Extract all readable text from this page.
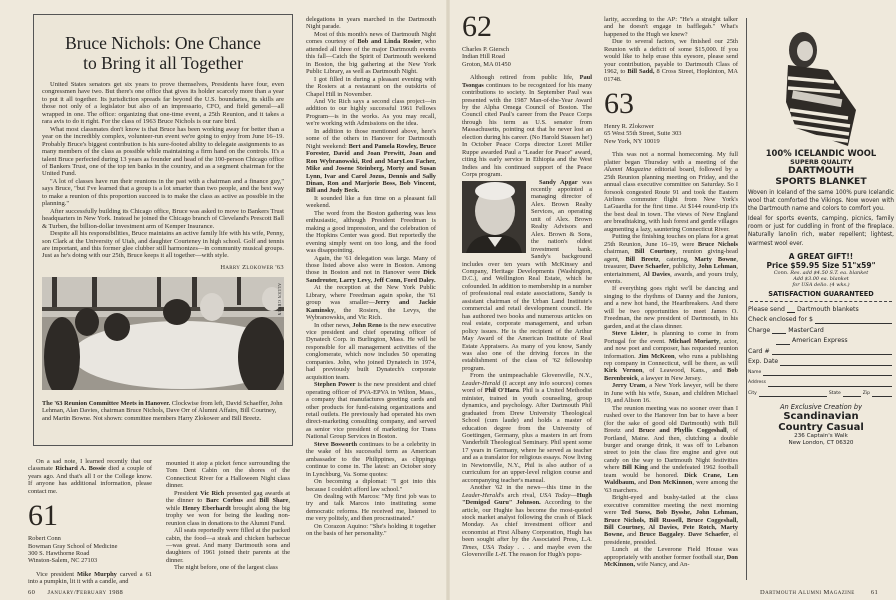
Bruce Nichols: One Chance
to Bring it all Together

United States senators get six years to prove themselves, Presidents have four, even congressmen have two. But there's one office that gives its holder scarcely more than a year to put it all together. Its jurisdiction spreads far beyond the U.S. boundaries, its skills are those not only of a legislator but also of an impressario, CFO, and field general—all wrapped in one. The office: organizing that one-time event, a 25th Reunion, and it takes a rara avis to do it right. For the class of 1963 Bruce Nichols is our rare bird.

What most classmates don't know is that Bruce has been working away for better than a year on the incredibly complex, volunteer-run event we're going to enjoy from June 16–19. Probably Bruce's biggest contribution is his sure-footed ability to delegate assignments to as many members of the class as possible while maintaining a firm hand on the controls. It's a talent Bruce perfected during 13 years as founder and head of the 100-person Chicago office of Bankers Trust, one of the top ten banks in the country, and as a segment chairman for the United Fund.

"A lot of classes have run their reunions in the past with a chairman and a finance guy," says Bruce, "but I've learned that a group is a lot smarter than two people, and the best way to make a reunion of this proportion succeed is to make the class as active as possible in the planning."

After successfully building its Chicago office, Bruce was asked to move to Bankers Trust headquarters in New York. Instead he joined the Chicago branch of Cleveland's Prescott Ball & Turben, the billion-dollar investment arm of Kemper Insurance.

Despite all his responsibilities, Bruce maintains an active family life with his wife, Penny, son Clark at the University of Utah, and daughter Courteney in high school. Golf and tennis are important, and this former glee clubber still harmonizes—in community musical groups. Just as he's doing with our 25th, Bruce keeps it all together—with style.

Harry Zlokower '63
ALLEN GREEN
The '63 Reunion Committee Meets in Hanover. Clockwise from left, David Schaeffer, John Lehman, Alan Davies, chairman Bruce Nichols, Dave Orr of Alumni Affairs, Bill Courtney, and Martin Bowne. Not shown: committee members Harry Zlokower and Bill Breetz.

On a sad note, I learned recently that our classmate Richard A. Bossie died a couple of years ago. And that's all I or the College know. If anyone has additional information, please contact me.

61
Robert Conn
Bowman Gray School of Medicine
300 S. Hawthorne Road
Winston-Salem, NC 27103

Vice president Mike Murphy carved a 61 into a pumpkin, lit it with a candle, and

mounted it atop a picket fence surrounding the Tom Dent Cabin on the shores of the Connecticut River for a Halloween Night class dinner.

President Vic Rich presented gag awards at the dinner to Barc Corbus and Bill Share, while Henry Eberhardt brought along the big trophy we won for being the leading non-reunion class in donations to the Alumni Fund.

All seats reportedly were filled at the packed cabin, the food—a steak and chicken barbecue—was great. And many Dartmouth sons and daughters of 1961 joined their parents at the dinner.

The night before, one of the largest class

delegations in years marched in the Dartmouth Night parade.

Most of this month's news of Dartmouth Night comes courtesy of Bob and Linda Rosier, who attended all three of the major Dartmouth events this fall—Catch the Spirit of Dartmouth weekend in Boston, the big gathering at the New York Public Library, as well as Dartmouth Night.

I got filled in during a pleasant evening with the Rosiers at a restaurant on the outskirts of Chapel Hill in November.

And Vic Rich says a second class project—in addition to our highly successful 1961 Fellows Program—is in the works. As you may recall, we're working with Admissions on the idea.

In addition to those mentioned above, here's some of the others in Hanover for Dartmouth Night weekend: Bert and Pamela Rowley, Bruce Forester, David and Joan Prewitt, Joan and Ron Wybranowski, Red and MaryLou Facher, Mike and Josene Steinberg, Morty and Susan Lynn, Ivar and Carol Jozus, Dennis and Sally Dinan, Ron and Marjorie Boss, Bob Vincent, Bill and Judy Beck.

It sounded like a fun time on a pleasant fall weekend.

The word from the Boston gathering was less enthusiastic, although President Freedman is making a good impression, and the celebration of the Hopkins Center was good. But reportedly the evening simply went on too long, and the food was disappointing.

Again, the '61 delegation was large. Many of those listed above also were in Boston. Among those in Boston and not in Hanover were Dick Sandreuter, Larry Levy, Jeff Conn, Ford Daley.

At the reception at the New York Public Library, where Freedman again spoke, the '61 group was smaller—Jerry and Jackie Kaminsky, the Rosiers, the Levys, the Wybranowskis, and Vic Rich.

In other news, John Reno is the new executive vice president and chief operating officer of Dynatech Corp. in Burlington, Mass. He will be responsible for all management activities of the conglomerate, which now includes 50 operating companies. John, who joined Dynatech in 1974, had previously built Dynatech's corporate acquisition team.

Stephen Power is the new president and chief operating officer of PVA-EPVA in Wilton, Mass., a company that manufactures greeting cards and other products for fund-raising organizations and retail outlets. He previously had operated his own direct-marketing consulting company, and served as senior vice president of marketing for Trans National Group Services in Boston.

Steve Bosworth continues to be a celebrity in the wake of his successful term as American ambassador to the Philippines, as clippings continue to come in. The latest: an October story in Lynchburg, Va. Some quotes:

On becoming a diplomat: "I got into this because I couldn't afford law school."

On dealing with Marcos: "My first job was to try and talk Marcos into instituting some democratic reforms. He received me, listened to me very politely, and then procrastinated."

On Corazon Aquino: "She's holding it together on the basis of her personality."

60 January/February 1988
62
Charles P. Giersch
Indian Hill Road
Groton, MA 01450

Although retired from public life, Paul Tsongas continues to be recognized for his many contributions to society. In September Paul was presented with the 1987 Man-of-the-Year Award by the Alpha Omega Council of Boston. The Council cited Paul's career from the Peace Corps through his term as U.S. senator from Massachusetts, pointing out that he never lost an election during his career. (No Harold Stassen he!) In October Peace Corps director Loret Miller Ruppe awarded Paul a "Leader for Peace" award, citing his early service in Ethiopia and the West Indies and his continued support of the Peace Corps program.

Sandy Apgar was recently appointed a managing director of Alex. Brown Realty Services, an operating unit of Alex. Brown Realty Advisors and Alex. Brown & Sons, the nation's oldest investment bank. Sandy's background includes over ten years with McKinsey and Company, Heritage Developments (Washington, D.C.), and Wellington Real Estate, which he cofounded. In addition to membership in a number of professional real estate associations, Sandy is assistant chairman of the Urban Land Institute's commercial and retail development council. He has authored two books and numerous articles on real estate, corporate management, and urban policy issues. He is the recipient of the Arthur May Award of the American Institute of Real Estate Appraisers. As many of you know, Sandy was also one of the driving forces in the establishment of the class of '62 fellowship program.

From the unimpeachable Gloversville, N.Y., Leader-Herald (I accept any info sources) comes word of Phil O'Hara. Phil is a United Methodist minister, trained in youth counseling, group dynamics, and psychology. After Dartmouth Phil graduated from Drew University Theological School (cum laude) and holds a master of education degree from the University of Goettingen, Germany, plus a masters in art from Vanderbilt Theological Seminary. Phil spent some 17 years in Germany, where he served as teacher and as a translator for religious essays. Now living in Newtonville, N.Y., Phil is also author of a curriculum for an upper-level religion course and accompanying teacher's manual.

Another '62 in the news—this time in the Leader-Herald's arch rival, USA Today—Hugh "Demigod Guru" Johnson. According to the article, our Hughie has become the most-quoted stock market analyst following the crash of Black Monday. As chief investment officer and economist at First Albany Corporation, Hugh has been sought after by the Associated Press, L.A. Times, USA Today . . . and maybe even the Gloversville L-H. The reason for Hugh's popu-

larity, according to the AP: "He's a straight talker and he doesn't engage in bafflegab." What's happened to the Hugh we knew?

Due to several factors, we finished our 25th Reunion with a deficit of some $15,000. If you would like to help erase this eyesore, please send your contribution, payable to Dartmouth Class of 1962, to Bill Sadd, 8 Cross Street, Hopkinton, MA 01748.

63
Henry R. Zlokower
65 West 55th Street, Suite 303
New York, NY 10019

This was not a normal homecoming. My full platter began Thursday with a meeting of the Alumni Magazine editorial board, followed by a 25th Reunion planning meeting on Friday, and the annual class executive committee on Saturday. So I forsook congested Route 91 and took the Eastern Airlines commuter flight from New York's LaGuardia for the first time. At $144 round-trip it's the best deal in town. The views of New England are breathtaking, with lush forest and gentle villages augmenting a lazy, sauntering Connecticut River.

Putting the finishing touches on plans for a great 25th Reunion, June 16–19, were Bruce Nichols chairman, Bill Courtney, reunion giving-head agent, Bill Breetz, catering, Marty Bowne, treasurer, Dave Schaefer, publicity, John Lehman, entertainment, Al Davies, awards, and yours truly, events.

If everything goes right we'll be dancing and singing to the rhythms of Danny and the Juniors, and a new hot band, the Heartbreakers. And there will be two opportunities to meet James O. Freedman, the new president of Dartmouth, in his garden, and at the class dinner.

Steve Lister, is planning to come in from Portugal for the event. Michael Moriarty, actor, and now poet and composer, has requested reunion information. Jim McKeon, who runs a publishing rep company in Connecticut, will be there, as will Kirk Vernon, of Leawood, Kans., and Bob Berenbroick, a lawyer in New Jersey.

Jerry Uram, a New York lawyer, will be there in June with his wife, Susan, and children Michael 19, and Alison 16.

The reunion meeting was no sooner over than I rushed over to the Hanover Inn bar to have a beer (for the sake of good old Dartmouth) with Bill Breetz and Bruce and Phyllis Coggeshall, of Portland, Maine. And then, clutching a double burger and orange drink, it was off to Lebanon street to join the class fire engine and give out candy on the way to Dartmouth Night festivities where Bill King and the undefeated 1962 football team would be honored. Dick Crane, Len Waldbaum, and Don McKinnon, were among the '63 marchers.

Bright-eyed and bushy-tailed at the class executive committee meeting the next morning were Ted Suess, Bob Bysshe, John Lehman, Bruce Nichols, Bill Russell, Bruce Coggeshall, Bill Courtney, Al Davies, Pete Rotch, Marty Bowne, and Bruce Baggaley. Dave Schaefer, el presidente, presided.

Lunch at the Leverone Field House was appropriately with another former football star, Don McKinnon, wife Nancy, and An-

100% ICELANDIC WOOL
SUPERB QUALITY
DARTMOUTH
SPORTS BLANKET

Woven in Iceland of the same 100% pure Icelandic wool that comforted the Vikings. Now woven with the Dartmouth name and colors to comfort you.

Ideal for sports events, camping, picnics, family room or just for cuddling in front of the fireplace. Naturally lanolin rich, water repellent; lightest, warmest wool ever.

A GREAT GIFT!!
Price $59.95 Size 51"x59"
Conn. Res. add $4.50 S.T. ea. blanket
Add $3.00 ea. blanket
for USA delio. (4 wks.)
SATISFACTION GUARANTEED
Please send Dartmouth blankets
Check enclosed for $
Charge	MasterCard
American Express
Card #
Exp. Date
Name
Address
City	State	Zip
An Exclusive Creation by
Scandinavian
Country Casual
236 Captain's Walk
New London, CT 06320
Dartmouth Alumni Magazine 61
